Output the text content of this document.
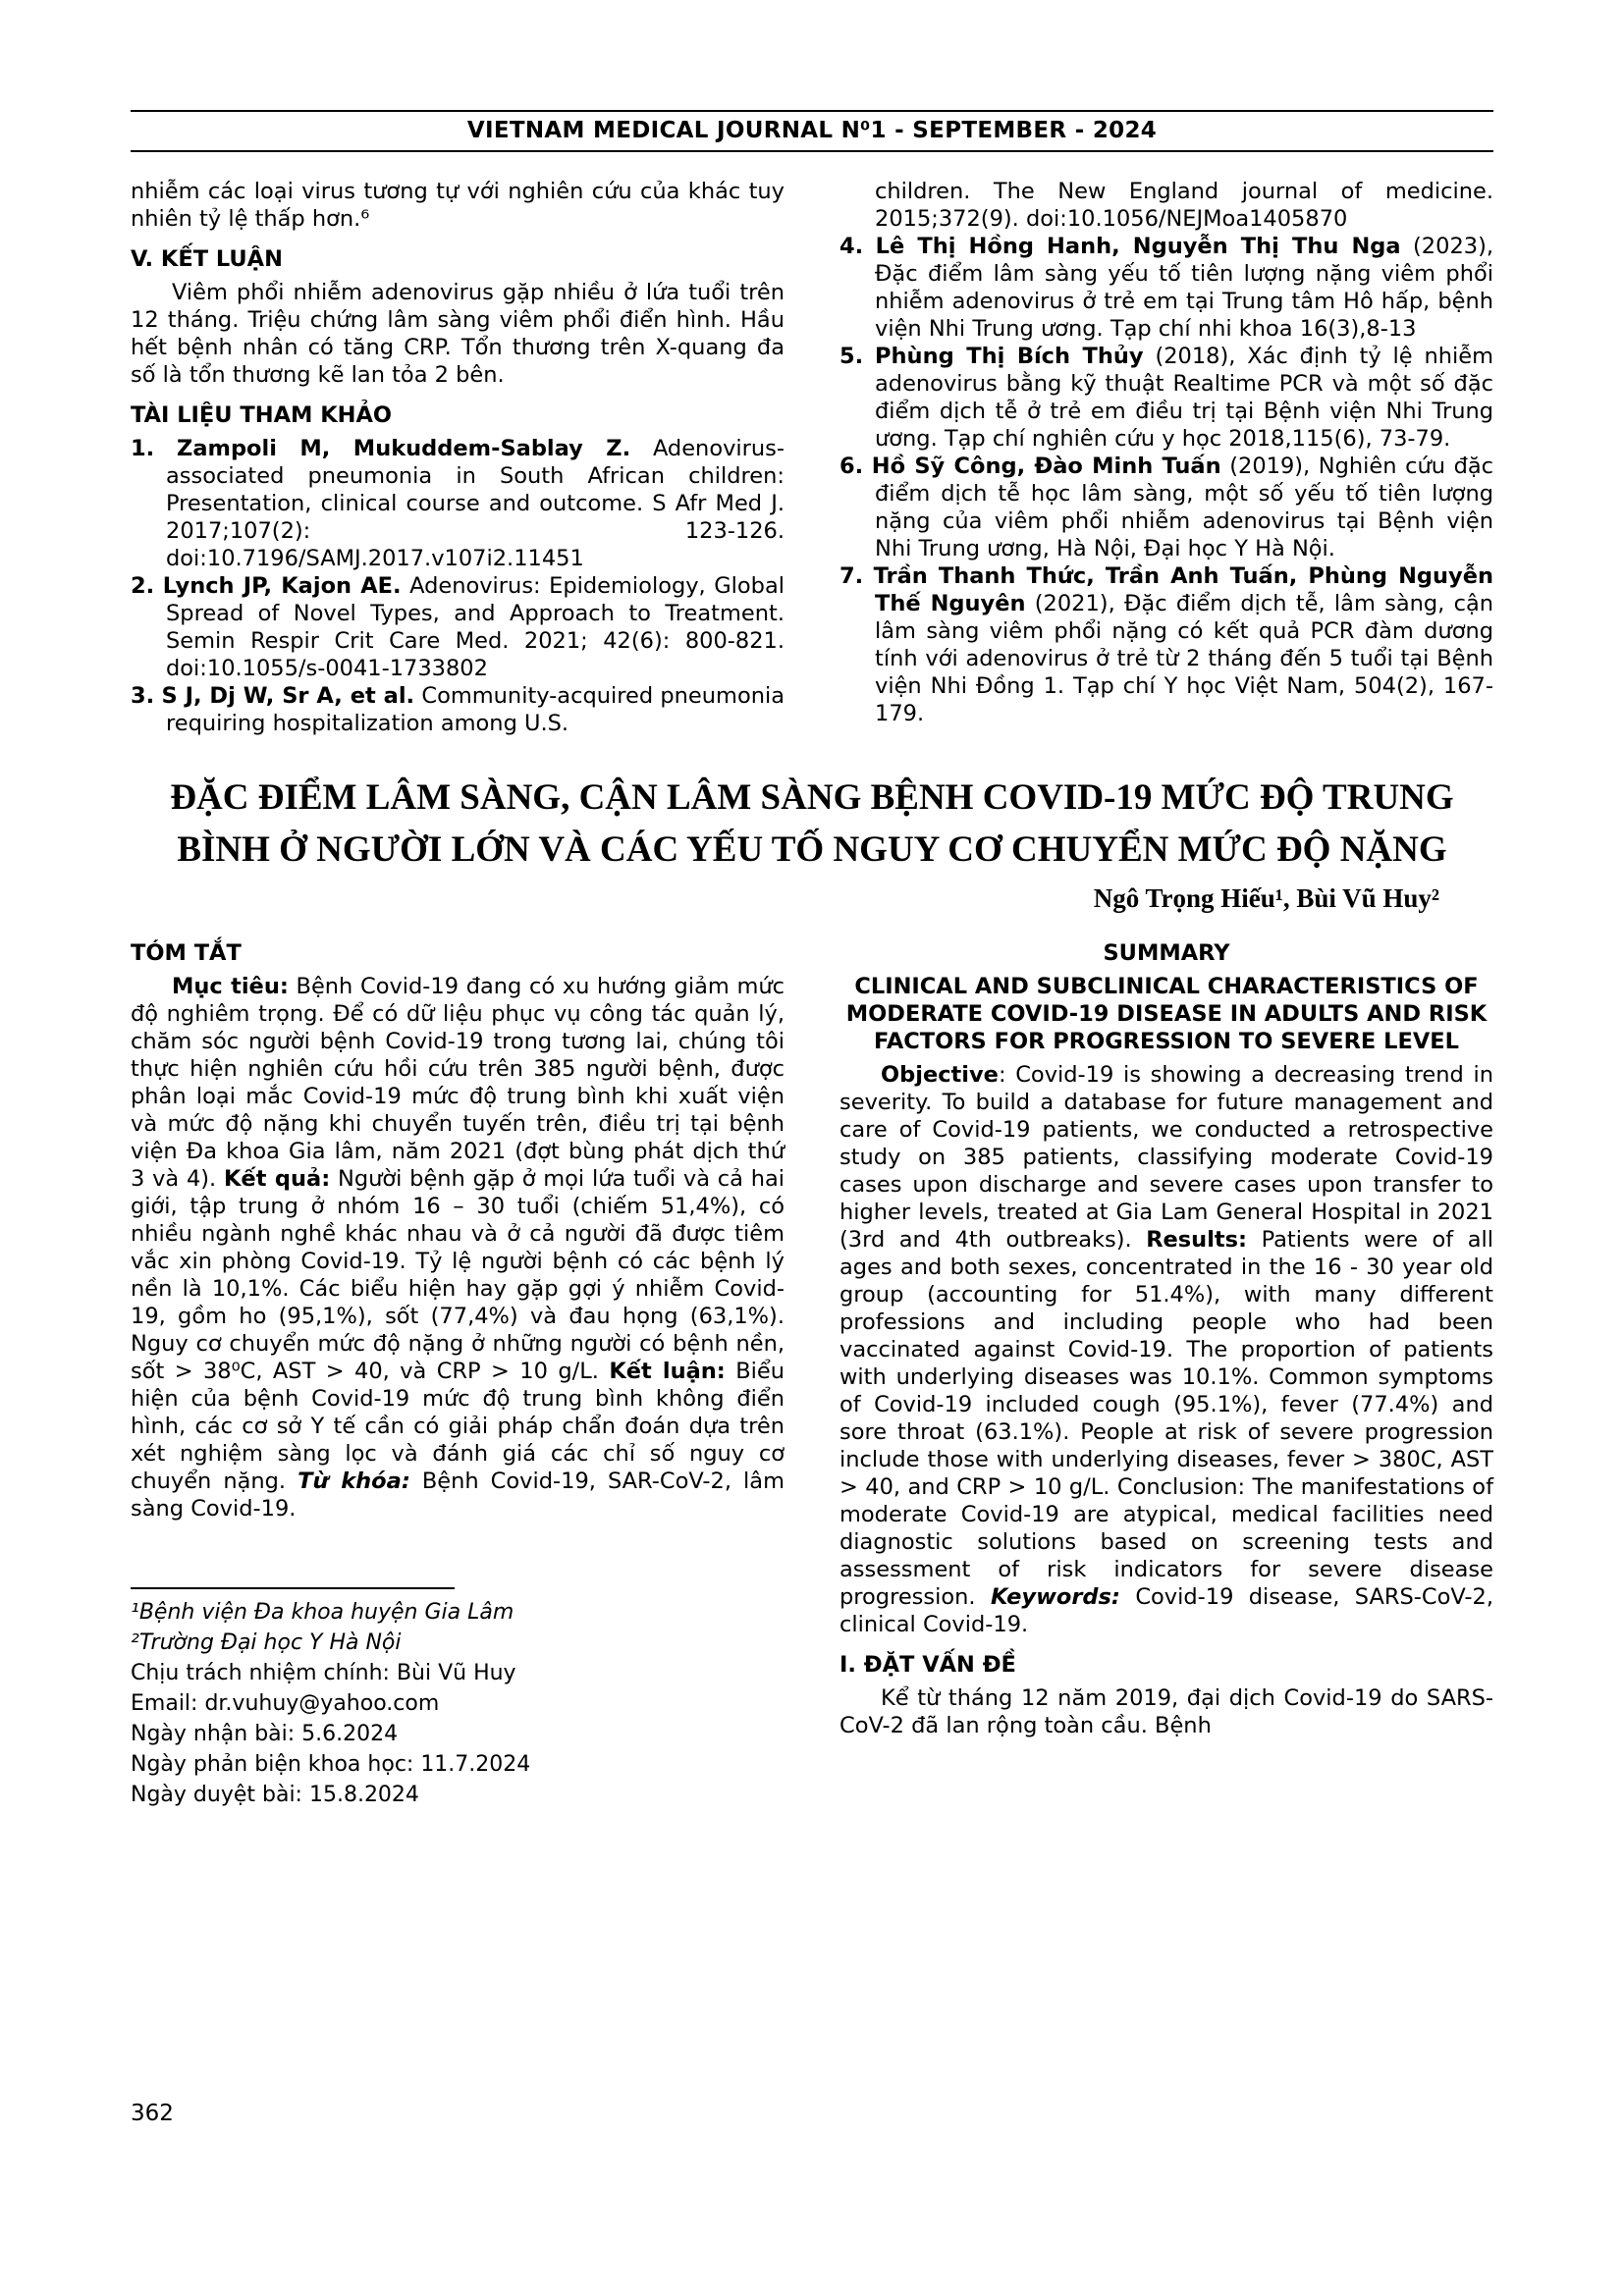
VIETNAM MEDICAL JOURNAL N⁰1 - SEPTEMBER - 2024

nhiễm các loại virus tương tự với nghiên cứu của khác tuy nhiên tỷ lệ thấp hơn.⁶

V. KẾT LUẬN

Viêm phổi nhiễm adenovirus gặp nhiều ở lứa tuổi trên 12 tháng. Triệu chứng lâm sàng viêm phổi điển hình. Hầu hết bệnh nhân có tăng CRP. Tổn thương trên X-quang đa số là tổn thương kẽ lan tỏa 2 bên.

TÀI LIỆU THAM KHẢO

1. Zampoli M, Mukuddem-Sablay Z. Adenovirus-associated pneumonia in South African children: Presentation, clinical course and outcome. S Afr Med J. 2017;107(2): 123-126. doi:10.7196/SAMJ.2017.v107i2.11451

2. Lynch JP, Kajon AE. Adenovirus: Epidemiology, Global Spread of Novel Types, and Approach to Treatment. Semin Respir Crit Care Med. 2021; 42(6): 800-821. doi:10.1055/s-0041-1733802

3. S J, Dj W, Sr A, et al. Community-acquired pneumonia requiring hospitalization among U.S.

children. The New England journal of medicine. 2015;372(9). doi:10.1056/NEJMoa1405870

4. Lê Thị Hồng Hanh, Nguyễn Thị Thu Nga (2023), Đặc điểm lâm sàng yếu tố tiên lượng nặng viêm phổi nhiễm adenovirus ở trẻ em tại Trung tâm Hô hấp, bệnh viện Nhi Trung ương. Tạp chí nhi khoa 16(3),8-13

5. Phùng Thị Bích Thủy (2018), Xác định tỷ lệ nhiễm adenovirus bằng kỹ thuật Realtime PCR và một số đặc điểm dịch tễ ở trẻ em điều trị tại Bệnh viện Nhi Trung ương. Tạp chí nghiên cứu y học 2018,115(6), 73-79.

6. Hồ Sỹ Công, Đào Minh Tuấn (2019), Nghiên cứu đặc điểm dịch tễ học lâm sàng, một số yếu tố tiên lượng nặng của viêm phổi nhiễm adenovirus tại Bệnh viện Nhi Trung ương, Hà Nội, Đại học Y Hà Nội.

7. Trần Thanh Thức, Trần Anh Tuấn, Phùng Nguyễn Thế Nguyên (2021), Đặc điểm dịch tễ, lâm sàng, cận lâm sàng viêm phổi nặng có kết quả PCR đàm dương tính với adenovirus ở trẻ từ 2 tháng đến 5 tuổi tại Bệnh viện Nhi Đồng 1. Tạp chí Y học Việt Nam, 504(2), 167-179.

ĐẶC ĐIỂM LÂM SÀNG, CẬN LÂM SÀNG BỆNH COVID-19 MỨC ĐỘ TRUNG BÌNH Ở NGƯỜI LỚN VÀ CÁC YẾU TỐ NGUY CƠ CHUYỂN MỨC ĐỘ NẶNG
Ngô Trọng Hiếu¹, Bùi Vũ Huy²
TÓM TẮT

Mục tiêu: Bệnh Covid-19 đang có xu hướng giảm mức độ nghiêm trọng. Để có dữ liệu phục vụ công tác quản lý, chăm sóc người bệnh Covid-19 trong tương lai, chúng tôi thực hiện nghiên cứu hồi cứu trên 385 người bệnh, được phân loại mắc Covid-19 mức độ trung bình khi xuất viện và mức độ nặng khi chuyển tuyến trên, điều trị tại bệnh viện Đa khoa Gia lâm, năm 2021 (đợt bùng phát dịch thứ 3 và 4). Kết quả: Người bệnh gặp ở mọi lứa tuổi và cả hai giới, tập trung ở nhóm 16 – 30 tuổi (chiếm 51,4%), có nhiều ngành nghề khác nhau và ở cả người đã được tiêm vắc xin phòng Covid-19. Tỷ lệ người bệnh có các bệnh lý nền là 10,1%. Các biểu hiện hay gặp gợi ý nhiễm Covid-19, gồm ho (95,1%), sốt (77,4%) và đau họng (63,1%). Nguy cơ chuyển mức độ nặng ở những người có bệnh nền, sốt > 38⁰C, AST > 40, và CRP > 10 g/L. Kết luận: Biểu hiện của bệnh Covid-19 mức độ trung bình không điển hình, các cơ sở Y tế cần có giải pháp chẩn đoán dựa trên xét nghiệm sàng lọc và đánh giá các chỉ số nguy cơ chuyển nặng. Từ khóa: Bệnh Covid-19, SAR-CoV-2, lâm sàng Covid-19.

¹Bệnh viện Đa khoa huyện Gia Lâm

²Trường Đại học Y Hà Nội

Chịu trách nhiệm chính: Bùi Vũ Huy

Email: dr.vuhuy@yahoo.com

Ngày nhận bài: 5.6.2024

Ngày phản biện khoa học: 11.7.2024

Ngày duyệt bài: 15.8.2024

SUMMARY
CLINICAL AND SUBCLINICAL CHARACTERISTICS OF MODERATE COVID-19 DISEASE IN ADULTS AND RISK FACTORS FOR PROGRESSION TO SEVERE LEVEL

Objective: Covid-19 is showing a decreasing trend in severity. To build a database for future management and care of Covid-19 patients, we conducted a retrospective study on 385 patients, classifying moderate Covid-19 cases upon discharge and severe cases upon transfer to higher levels, treated at Gia Lam General Hospital in 2021 (3rd and 4th outbreaks). Results: Patients were of all ages and both sexes, concentrated in the 16 - 30 year old group (accounting for 51.4%), with many different professions and including people who had been vaccinated against Covid-19. The proportion of patients with underlying diseases was 10.1%. Common symptoms of Covid-19 included cough (95.1%), fever (77.4%) and sore throat (63.1%). People at risk of severe progression include those with underlying diseases, fever > 380C, AST > 40, and CRP > 10 g/L. Conclusion: The manifestations of moderate Covid-19 are atypical, medical facilities need diagnostic solutions based on screening tests and assessment of risk indicators for severe disease progression. Keywords: Covid-19 disease, SARS-CoV-2, clinical Covid-19.

I. ĐẶT VẤN ĐỀ

Kể từ tháng 12 năm 2019, đại dịch Covid-19 do SARS-CoV-2 đã lan rộng toàn cầu. Bệnh

362
